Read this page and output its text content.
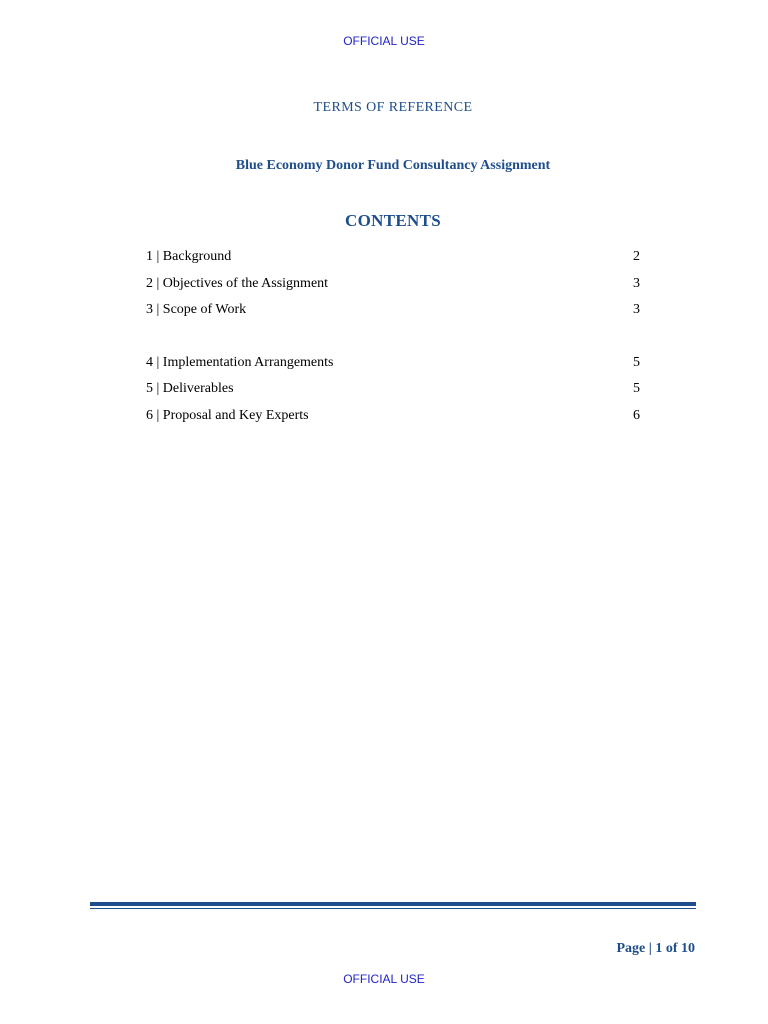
OFFICIAL USE
TERMS OF REFERENCE
Blue Economy Donor Fund Consultancy Assignment
CONTENTS
1 | Background	2
2 | Objectives of the Assignment	3
3 | Scope of Work	3
4 | Implementation Arrangements	5
5 | Deliverables	5
6 | Proposal and Key Experts	6
Page | 1 of 10
OFFICIAL USE
